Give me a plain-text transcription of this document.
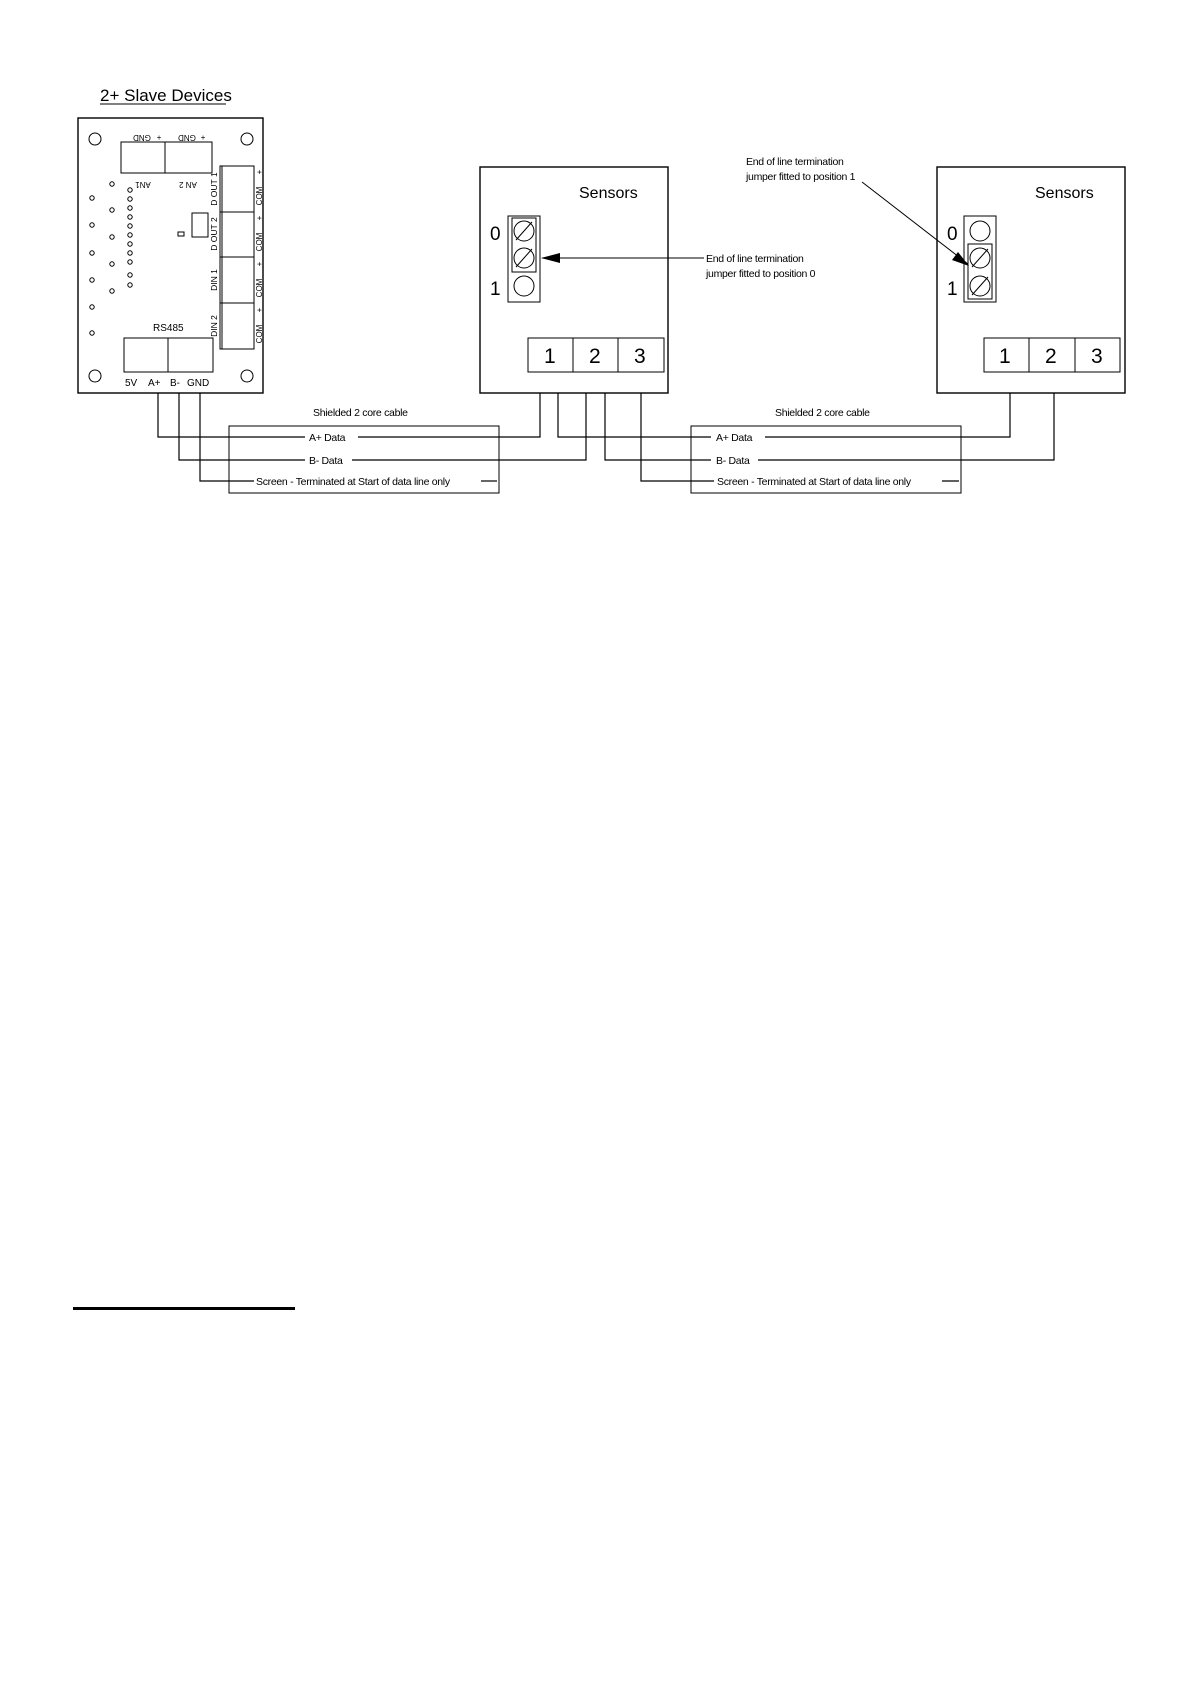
2+ Slave Devices
GND + GND +
AN1	AN 2 D OUT 1
D OUT 2
DIN 1
DIN 2
+
COM
+
COM
+
COM
+
COM
RS485
5V A+ B- GND
Sensors
0
1
1 2 3
End of line termination
jumper fitted to position 0
Sensors
0
1
1 2 3
End of line termination
jumper fitted to position 1
Shielded 2 core cable
A+ Data
B- Data
Screen - Terminated at Start of data line only
Shielded 2 core cable
A+ Data
B- Data
Screen - Terminated at Start of data line only
